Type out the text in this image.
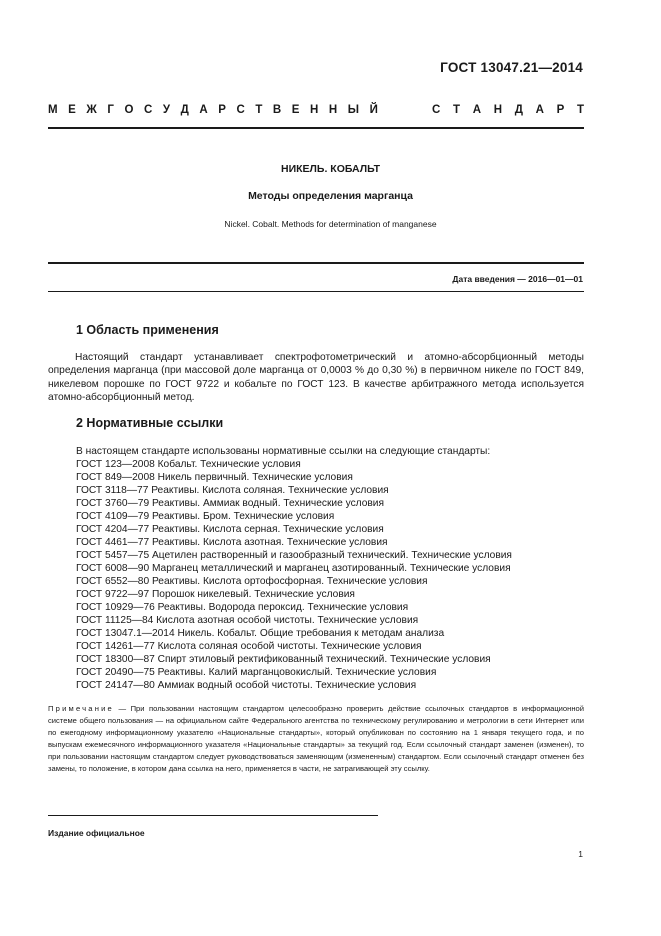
ГОСТ 13047.21—2014
М Е Ж Г О С У Д А Р С Т В Е Н Н Ы Й	С Т А Н Д А Р Т
НИКЕЛЬ. КОБАЛЬТ
Методы определения марганца
Nickel. Cobalt. Methods for determination of manganese
Дата введения — 2016—01—01
1 Область применения
Настоящий стандарт устанавливает спектрофотометрический и атомно-абсорбционный методы определения марганца (при массовой доле марганца от 0,0003 % до 0,30 %) в первичном никеле по ГОСТ 849, никелевом порошке по ГОСТ 9722 и кобальте по ГОСТ 123. В качестве арбитражного метода используется атомно-абсорбционный метод.
2 Нормативные ссылки
В настоящем стандарте использованы нормативные ссылки на следующие стандарты:
ГОСТ 123—2008 Кобальт. Технические условия
ГОСТ 849—2008 Никель первичный. Технические условия
ГОСТ 3118—77 Реактивы. Кислота соляная. Технические условия
ГОСТ 3760—79 Реактивы. Аммиак водный. Технические условия
ГОСТ 4109—79 Реактивы. Бром. Технические условия
ГОСТ 4204—77 Реактивы. Кислота серная. Технические условия
ГОСТ 4461—77 Реактивы. Кислота азотная. Технические условия
ГОСТ 5457—75 Ацетилен растворенный и газообразный технический. Технические условия
ГОСТ 6008—90 Марганец металлический и марганец азотированный. Технические условия
ГОСТ 6552—80 Реактивы. Кислота ортофосфорная. Технические условия
ГОСТ 9722—97 Порошок никелевый. Технические условия
ГОСТ 10929—76 Реактивы. Водорода пероксид. Технические условия
ГОСТ 11125—84 Кислота азотная особой чистоты. Технические условия
ГОСТ 13047.1—2014 Никель. Кобальт. Общие требования к методам анализа
ГОСТ 14261—77 Кислота соляная особой чистоты. Технические условия
ГОСТ 18300—87 Спирт этиловый ректификованный технический. Технические условия
ГОСТ 20490—75 Реактивы. Калий марганцовокислый. Технические условия
ГОСТ 24147—80 Аммиак водный особой чистоты. Технические условия
Примечание — При пользовании настоящим стандартом целесообразно проверить действие ссылочных стандартов в информационной системе общего пользования — на официальном сайте Федерального агентства по техническому регулированию и метрологии в сети Интернет или по ежегодному информационному указателю «Национальные стандарты», который опубликован по состоянию на 1 января текущего года, и по выпускам ежемесячного информационного указателя «Национальные стандарты» за текущий год. Если ссылочный стандарт заменен (изменен), то при пользовании настоящим стандартом следует руководствоваться заменяющим (измененным) стандартом. Если ссылочный стандарт отменен без замены, то положение, в котором дана ссылка на него, применяется в части, не затрагивающей эту ссылку.
Издание официальное
1
